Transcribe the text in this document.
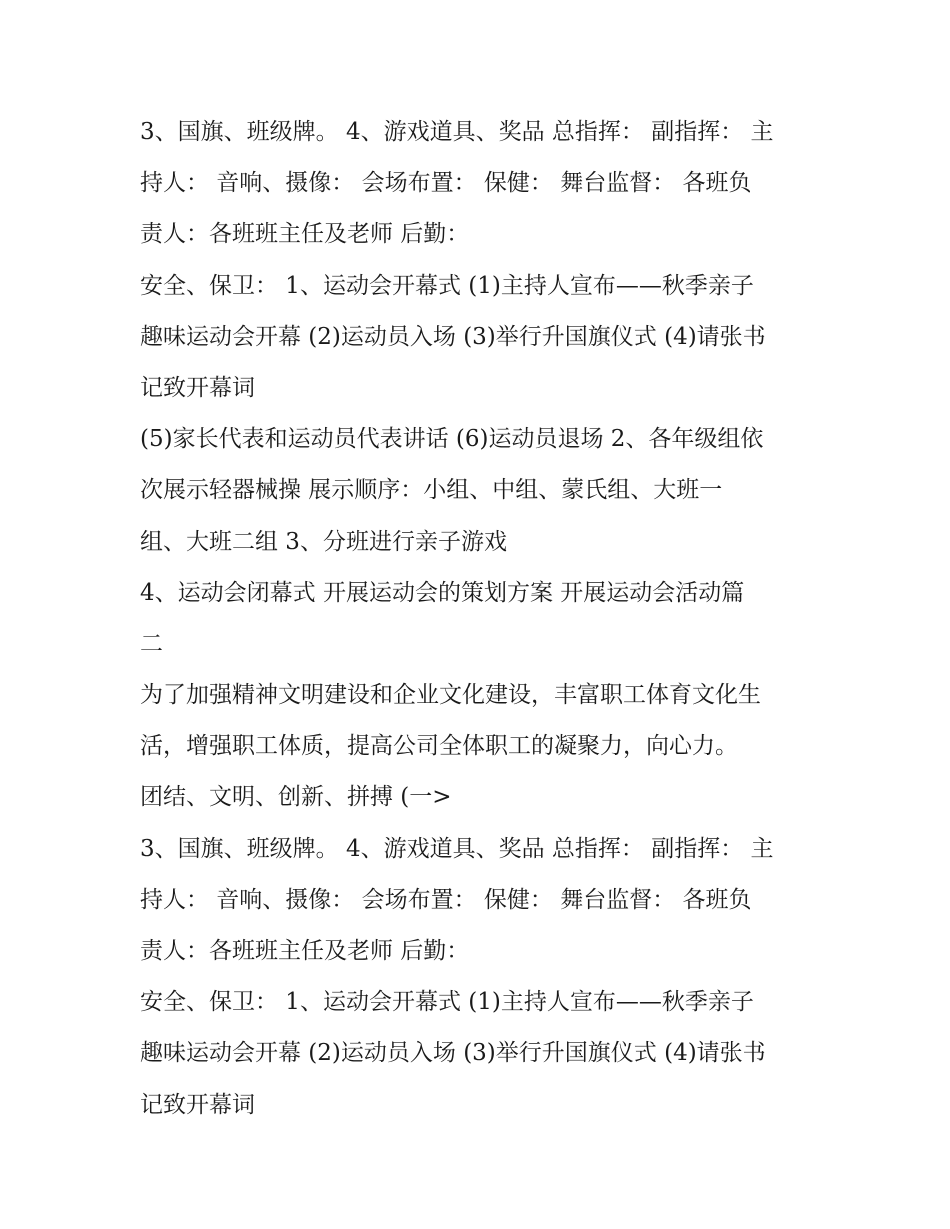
3、国旗、班级牌。 4、游戏道具、奖品 总指挥： 副指挥： 主
持人： 音响、摄像： 会场布置： 保健： 舞台监督： 各班负
责人：各班班主任及老师 后勤：
安全、保卫： 1、运动会开幕式 (1)主持人宣布——秋季亲子
趣味运动会开幕 (2)运动员入场 (3)举行升国旗仪式 (4)请张书
记致开幕词
(5)家长代表和运动员代表讲话 (6)运动员退场 2、各年级组依
次展示轻器械操 展示顺序：小组、中组、蒙氏组、大班一
组、大班二组 3、分班进行亲子游戏
4、运动会闭幕式 开展运动会的策划方案 开展运动会活动篇
二
为了加强精神文明建设和企业文化建设，丰富职工体育文化生
活，增强职工体质，提高公司全体职工的凝聚力，向心力。
团结、文明、创新、拼搏 (一>
3、国旗、班级牌。 4、游戏道具、奖品 总指挥： 副指挥： 主
持人： 音响、摄像： 会场布置： 保健： 舞台监督： 各班负
责人：各班班主任及老师 后勤：
安全、保卫： 1、运动会开幕式 (1)主持人宣布——秋季亲子
趣味运动会开幕 (2)运动员入场 (3)举行升国旗仪式 (4)请张书
记致开幕词
